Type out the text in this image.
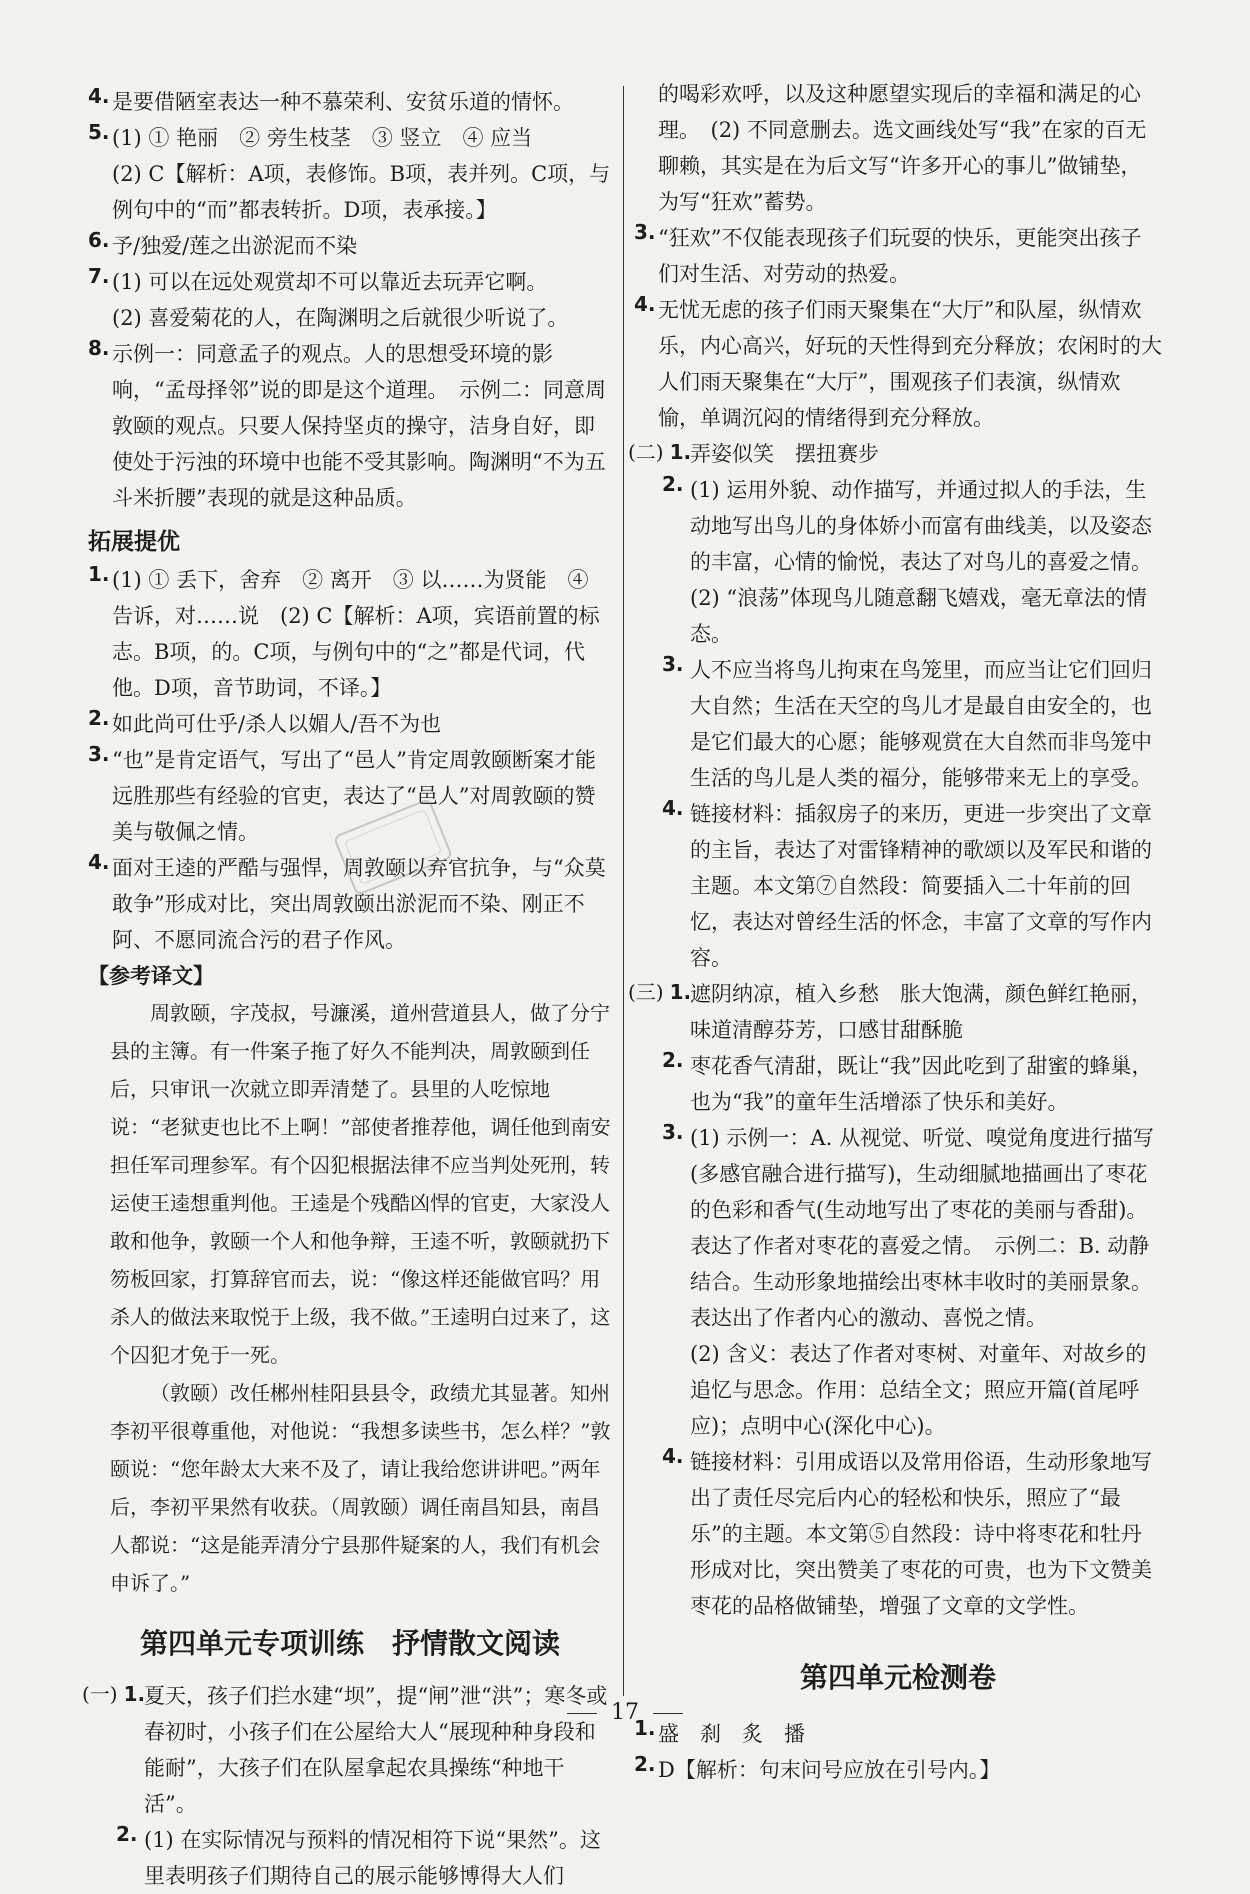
4. 是要借陋室表达一种不慕荣利、安贫乐道的情怀。

5. (1) ① 艳丽　② 旁生枝茎　③ 竖立　④ 应当

(2) C【解析：A项，表修饰。B项，表并列。C项，与例句中的“而”都表转折。D项，表承接。】

6. 予/独爱/莲之出淤泥而不染

7. (1) 可以在远处观赏却不可以靠近去玩弄它啊。

(2) 喜爱菊花的人，在陶渊明之后就很少听说了。

8. 示例一：同意孟子的观点。人的思想受环境的影响，“孟母择邻”说的即是这个道理。　示例二：同意周敦颐的观点。只要人保持坚贞的操守，洁身自好，即使处于污浊的环境中也能不受其影响。陶渊明“不为五斗米折腰”表现的就是这种品质。

拓展提优
1. (1) ① 丢下，舍弃　② 离开　③ 以……为贤能　④ 告诉，对……说　(2) C【解析：A项，宾语前置的标志。B项，的。C项，与例句中的“之”都是代词，代他。D项，音节助词，不译。】

2. 如此尚可仕乎/杀人以媚人/吾不为也

3. “也”是肯定语气，写出了“邑人”肯定周敦颐断案才能远胜那些有经验的官吏，表达了“邑人”对周敦颐的赞美与敬佩之情。

4. 面对王逵的严酷与强悍，周敦颐以弃官抗争，与“众莫敢争”形成对比，突出周敦颐出淤泥而不染、刚正不阿、不愿同流合污的君子作风。

【参考译文】

周敦颐，字茂叔，号濂溪，道州营道县人，做了分宁县的主簿。有一件案子拖了好久不能判决，周敦颐到任后，只审讯一次就立即弄清楚了。县里的人吃惊地说：“老狱吏也比不上啊！”部使者推荐他，调任他到南安担任军司理参军。有个囚犯根据法律不应当判处死刑，转运使王逵想重判他。王逵是个残酷凶悍的官吏，大家没人敢和他争，敦颐一个人和他争辩，王逵不听，敦颐就扔下笏板回家，打算辞官而去，说：“像这样还能做官吗？用杀人的做法来取悦于上级，我不做。”王逵明白过来了，这个囚犯才免于一死。

（敦颐）改任郴州桂阳县县令，政绩尤其显著。知州李初平很尊重他，对他说：“我想多读些书，怎么样？”敦颐说：“您年龄太大来不及了，请让我给您讲讲吧。”两年后，李初平果然有收获。（周敦颐）调任南昌知县，南昌人都说：“这是能弄清分宁县那件疑案的人，我们有机会申诉了。”

第四单元专项训练　抒情散文阅读
(一) 1.

夏天，孩子们拦水建“坝”，提“闸”泄“洪”；寒冬或春初时，小孩子们在公屋给大人“展现种种身段和能耐”，大孩子们在队屋拿起农具操练“种地干活”。

2. (1) 在实际情况与预料的情况相符下说“果然”。这里表明孩子们期待自己的展示能够博得大人们

的喝彩欢呼，以及这种愿望实现后的幸福和满足的心理。　(2) 不同意删去。选文画线处写“我”在家的百无聊赖，其实是在为后文写“许多开心的事儿”做铺垫，为写“狂欢”蓄势。

3. “狂欢”不仅能表现孩子们玩耍的快乐，更能突出孩子们对生活、对劳动的热爱。

4. 无忧无虑的孩子们雨天聚集在“大厅”和队屋，纵情欢乐，内心高兴，好玩的天性得到充分释放；农闲时的大人们雨天聚集在“大厅”，围观孩子们表演，纵情欢愉，单调沉闷的情绪得到充分释放。

(二) 1.

弄姿似笑　摆扭赛步

2. (1) 运用外貌、动作描写，并通过拟人的手法，生动地写出鸟儿的身体娇小而富有曲线美，以及姿态的丰富，心情的愉悦，表达了对鸟儿的喜爱之情。　(2) “浪荡”体现鸟儿随意翻飞嬉戏，毫无章法的情态。

3. 人不应当将鸟儿拘束在鸟笼里，而应当让它们回归大自然；生活在天空的鸟儿才是最自由安全的，也是它们最大的心愿；能够观赏在大自然而非鸟笼中生活的鸟儿是人类的福分，能够带来无上的享受。

4. 链接材料：插叙房子的来历，更进一步突出了文章的主旨，表达了对雷锋精神的歌颂以及军民和谐的主题。本文第⑦自然段：简要插入二十年前的回忆，表达对曾经生活的怀念，丰富了文章的写作内容。

(三) 1.

遮阴纳凉，植入乡愁　胀大饱满，颜色鲜红艳丽，味道清醇芬芳，口感甘甜酥脆

2. 枣花香气清甜，既让“我”因此吃到了甜蜜的蜂巢，也为“我”的童年生活增添了快乐和美好。

3. (1) 示例一：A. 从视觉、听觉、嗅觉角度进行描写(多感官融合进行描写)，生动细腻地描画出了枣花的色彩和香气(生动地写出了枣花的美丽与香甜)。表达了作者对枣花的喜爱之情。　示例二：B. 动静结合。生动形象地描绘出枣林丰收时的美丽景象。表达出了作者内心的激动、喜悦之情。

(2) 含义：表达了作者对枣树、对童年、对故乡的追忆与思念。作用：总结全文；照应开篇(首尾呼应)；点明中心(深化中心)。

4. 链接材料：引用成语以及常用俗语，生动形象地写出了责任尽完后内心的轻松和快乐，照应了“最乐”的主题。本文第⑤自然段：诗中将枣花和牡丹形成对比，突出赞美了枣花的可贵，也为下文赞美枣花的品格做铺垫，增强了文章的文学性。

第四单元检测卷
1. 盛　刹　炙　播

2. D【解析：句末问号应放在引号内。】

17
